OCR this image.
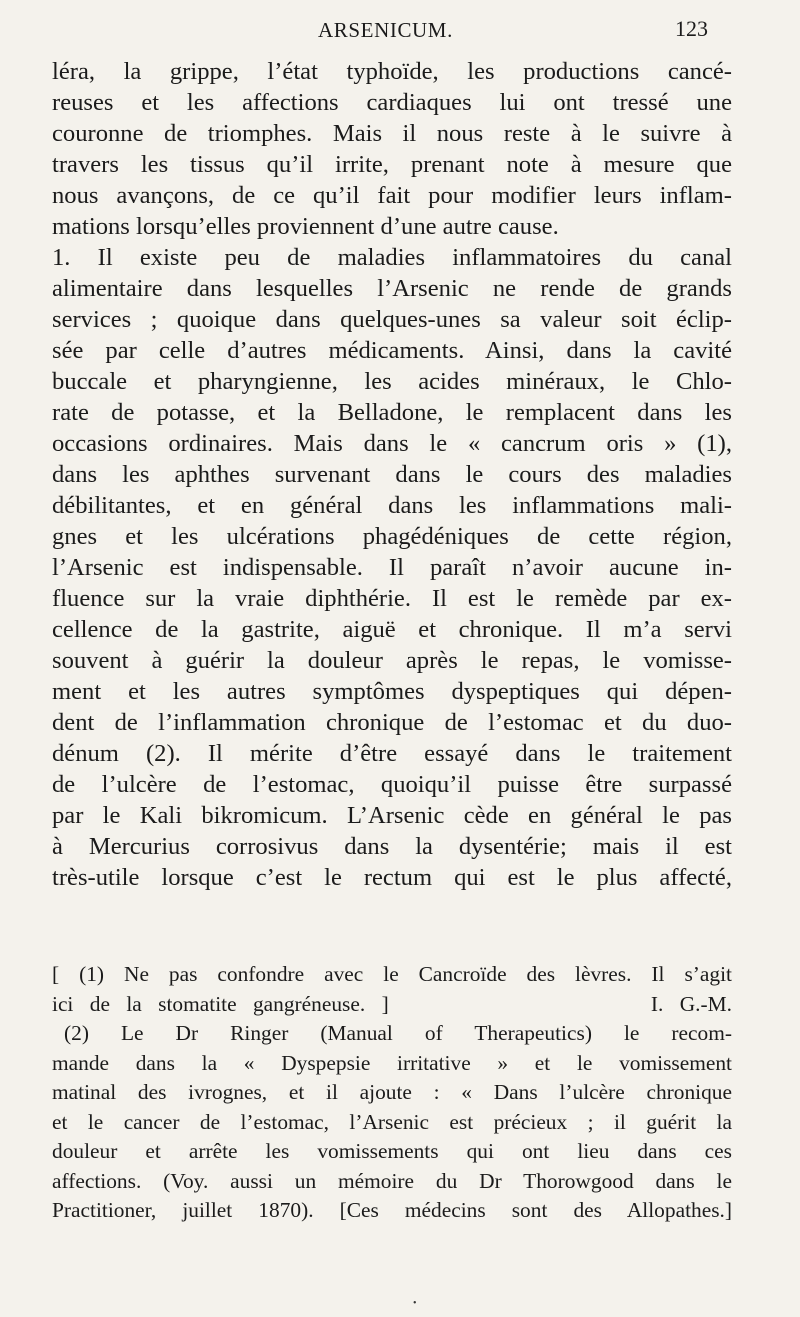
ARSENICUM.	123
léra, la grippe, l’état typhoïde, les productions cancé-
reuses et les affections cardiaques lui ont tressé une
couronne de triomphes. Mais il nous reste à le suivre à
travers les tissus qu’il irrite, prenant note à mesure que
nous avançons, de ce qu’il fait pour modifier leurs inflam-
mations lorsqu’elles proviennent d’une autre cause.
1. Il existe peu de maladies inflammatoires du canal
alimentaire dans lesquelles l’Arsenic ne rende de grands
services ; quoique dans quelques-unes sa valeur soit éclip-
sée par celle d’autres médicaments. Ainsi, dans la cavité
buccale et pharyngienne, les acides minéraux, le Chlo-
rate de potasse, et la Belladone, le remplacent dans les
occasions ordinaires. Mais dans le « cancrum oris » (1),
dans les aphthes survenant dans le cours des maladies
débilitantes, et en général dans les inflammations mali-
gnes et les ulcérations phagédéniques de cette région,
l’Arsenic est indispensable. Il paraît n’avoir aucune in-
fluence sur la vraie diphthérie. Il est le remède par ex-
cellence de la gastrite, aiguë et chronique. Il m’a servi
souvent à guérir la douleur après le repas, le vomisse-
ment et les autres symptômes dyspeptiques qui dépen-
dent de l’inflammation chronique de l’estomac et du duo-
dénum (2). Il mérite d’être essayé dans le traitement
de l’ulcère de l’estomac, quoiqu’il puisse être surpassé
par le Kali bikromicum. L’Arsenic cède en général le pas
à Mercurius corrosivus dans la dysentérie; mais il est
très-utile lorsque c’est le rectum qui est le plus affecté,
[ (1) Ne pas confondre avec le Cancroïde des lèvres. Il s’agit
ici de la stomatite gangréneuse. ]                I. G.-M.
(2) Le Dr Ringer (Manual of Therapeutics) le recom-
mande dans la « Dyspepsie irritative » et le vomissement
matinal des ivrognes, et il ajoute : « Dans l’ulcère chronique
et le cancer de l’estomac, l’Arsenic est précieux ; il guérit la
douleur et arrête les vomissements qui ont lieu dans ces
affections. (Voy. aussi un mémoire du Dr Thorowgood dans le
Practitioner, juillet 1870). [Ces médecins sont des Allopathes.]
•
